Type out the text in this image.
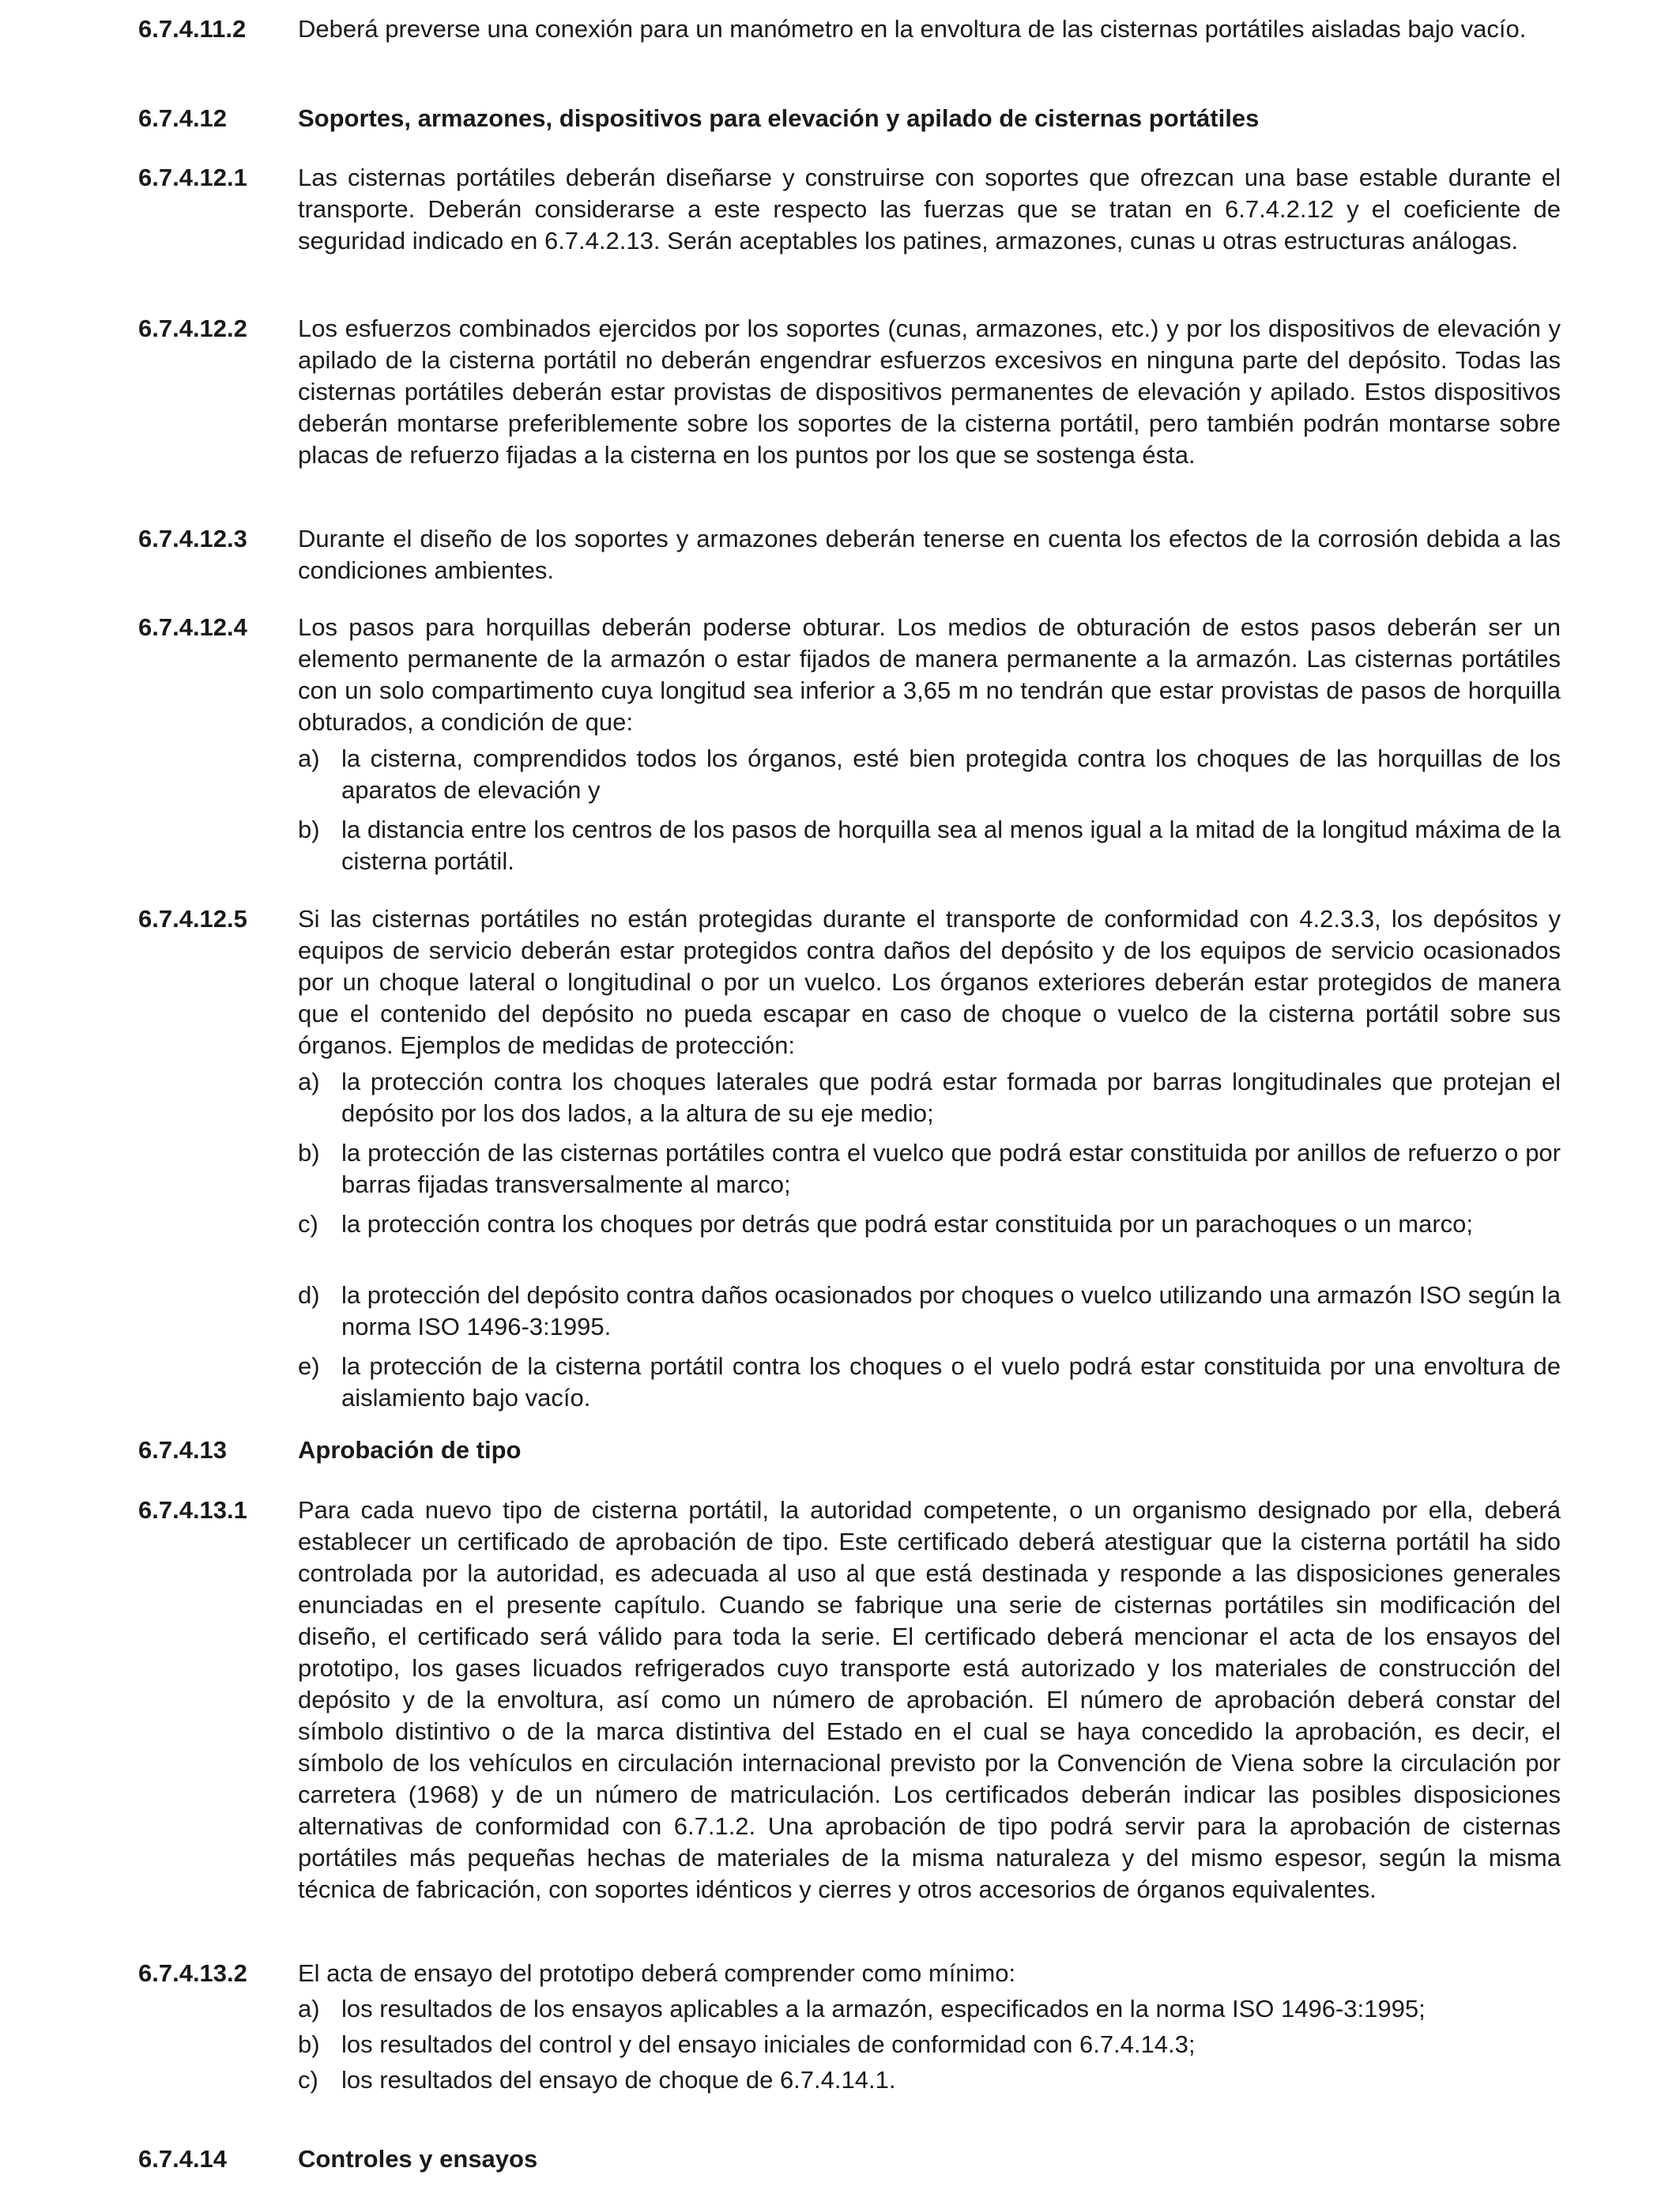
6.7.4.11.2	Deberá preverse una conexión para un manómetro en la envoltura de las cisternas portátiles aisladas bajo vacío.
6.7.4.12	Soportes, armazones, dispositivos para elevación y apilado de cisternas portátiles
6.7.4.12.1	Las cisternas portátiles deberán diseñarse y construirse con soportes que ofrezcan una base estable durante el transporte. Deberán considerarse a este respecto las fuerzas que se tratan en 6.7.4.2.12 y el coeficiente de seguridad indicado en 6.7.4.2.13. Serán aceptables los patines, armazones, cunas u otras estructuras análogas.
6.7.4.12.2	Los esfuerzos combinados ejercidos por los soportes (cunas, armazones, etc.) y por los dispositivos de elevación y apilado de la cisterna portátil no deberán engendrar esfuerzos excesivos en ninguna parte del depósito. Todas las cisternas portátiles deberán estar provistas de dispositivos permanentes de elevación y apilado. Estos dispositivos deberán montarse preferiblemente sobre los soportes de la cisterna portátil, pero también podrán montarse sobre placas de refuerzo fijadas a la cisterna en los puntos por los que se sostenga ésta.
6.7.4.12.3	Durante el diseño de los soportes y armazones deberán tenerse en cuenta los efectos de la corrosión debida a las condiciones ambientes.
6.7.4.12.4	Los pasos para horquillas deberán poderse obturar. Los medios de obturación de estos pasos deberán ser un elemento permanente de la armazón o estar fijados de manera permanente a la armazón. Las cisternas portátiles con un solo compartimento cuya longitud sea inferior a 3,65 m no tendrán que estar provistas de pasos de horquilla obturados, a condición de que:
a) la cisterna, comprendidos todos los órganos, esté bien protegida contra los choques de las horquillas de los aparatos de elevación y
b) la distancia entre los centros de los pasos de horquilla sea al menos igual a la mitad de la longitud máxima de la cisterna portátil.
6.7.4.12.5	Si las cisternas portátiles no están protegidas durante el transporte de conformidad con 4.2.3.3, los depósitos y equipos de servicio deberán estar protegidos contra daños del depósito y de los equipos de servicio ocasionados por un choque lateral o longitudinal o por un vuelco. Los órganos exteriores deberán estar protegidos de manera que el contenido del depósito no pueda escapar en caso de choque o vuelco de la cisterna portátil sobre sus órganos. Ejemplos de medidas de protección:
a) la protección contra los choques laterales que podrá estar formada por barras longitudinales que protejan el depósito por los dos lados, a la altura de su eje medio;
b) la protección de las cisternas portátiles contra el vuelco que podrá estar constituida por anillos de refuerzo o por barras fijadas transversalmente al marco;
c) la protección contra los choques por detrás que podrá estar constituida por un parachoques o un marco;
d) la protección del depósito contra daños ocasionados por choques o vuelco utilizando una armazón ISO según la norma ISO 1496-3:1995.
e) la protección de la cisterna portátil contra los choques o el vuelo podrá estar constituida por una envoltura de aislamiento bajo vacío.
6.7.4.13	Aprobación de tipo
6.7.4.13.1	Para cada nuevo tipo de cisterna portátil, la autoridad competente, o un organismo designado por ella, deberá establecer un certificado de aprobación de tipo. Este certificado deberá atestiguar que la cisterna portátil ha sido controlada por la autoridad, es adecuada al uso al que está destinada y responde a las disposiciones generales enunciadas en el presente capítulo. Cuando se fabrique una serie de cisternas portátiles sin modificación del diseño, el certificado será válido para toda la serie. El certificado deberá mencionar el acta de los ensayos del prototipo, los gases licuados refrigerados cuyo transporte está autorizado y los materiales de construcción del depósito y de la envoltura, así como un número de aprobación. El número de aprobación deberá constar del símbolo distintivo o de la marca distintiva del Estado en el cual se haya concedido la aprobación, es decir, el símbolo de los vehículos en circulación internacional previsto por la Convención de Viena sobre la circulación por carretera (1968) y de un número de matriculación. Los certificados deberán indicar las posibles disposiciones alternativas de conformidad con 6.7.1.2. Una aprobación de tipo podrá servir para la aprobación de cisternas portátiles más pequeñas hechas de materiales de la misma naturaleza y del mismo espesor, según la misma técnica de fabricación, con soportes idénticos y cierres y otros accesorios de órganos equivalentes.
6.7.4.13.2	El acta de ensayo del prototipo deberá comprender como mínimo:
a) los resultados de los ensayos aplicables a la armazón, especificados en la norma ISO 1496-3:1995;
b) los resultados del control y del ensayo iniciales de conformidad con 6.7.4.14.3;
c) los resultados del ensayo de choque de 6.7.4.14.1.
6.7.4.14	Controles y ensayos
